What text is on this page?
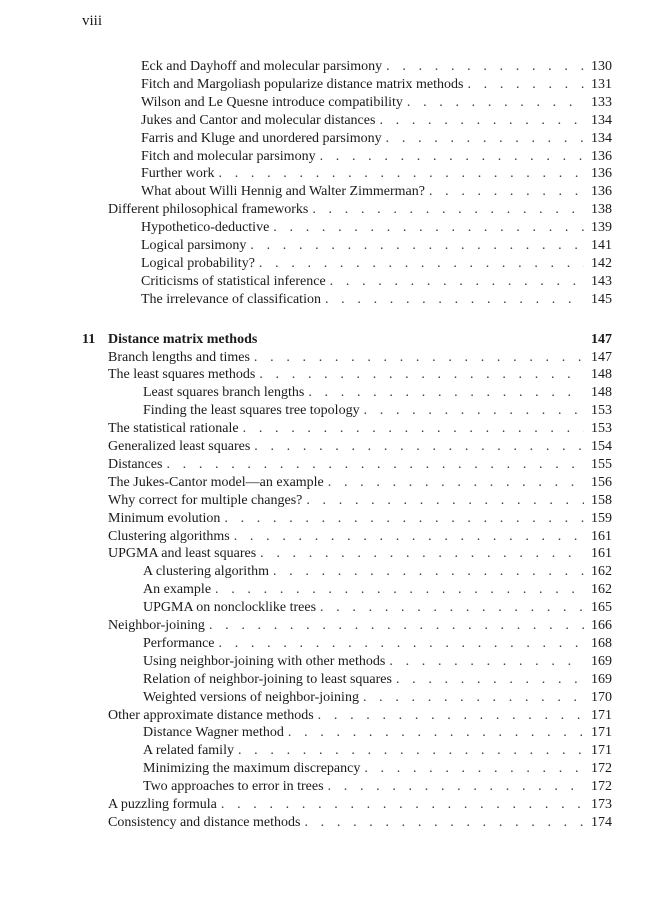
viii
Eck and Dayhoff and molecular parsimony . . .	130
Fitch and Margoliash popularize distance matrix methods . . .	131
Wilson and Le Quesne introduce compatibility . . .	133
Jukes and Cantor and molecular distances . . .	134
Farris and Kluge and unordered parsimony . . .	134
Fitch and molecular parsimony . . .	136
Further work . . .	136
What about Willi Hennig and Walter Zimmerman? . . .	136
Different philosophical frameworks . . .	138
Hypothetico-deductive . . .	139
Logical parsimony . . .	141
Logical probability? . . .	142
Criticisms of statistical inference . . .	143
The irrelevance of classification . . .	145
11 Distance matrix methods	147
Branch lengths and times . . .	147
The least squares methods . . .	148
Least squares branch lengths . . .	148
Finding the least squares tree topology . . .	153
The statistical rationale . . .	153
Generalized least squares . . .	154
Distances . . .	155
The Jukes-Cantor model—an example . . .	156
Why correct for multiple changes? . . .	158
Minimum evolution . . .	159
Clustering algorithms . . .	161
UPGMA and least squares . . .	161
A clustering algorithm . . .	162
An example . . .	162
UPGMA on nonclocklike trees . . .	165
Neighbor-joining . . .	166
Performance . . .	168
Using neighbor-joining with other methods . . .	169
Relation of neighbor-joining to least squares . . .	169
Weighted versions of neighbor-joining . . .	170
Other approximate distance methods . . .	171
Distance Wagner method . . .	171
A related family . . .	171
Minimizing the maximum discrepancy . . .	172
Two approaches to error in trees . . .	172
A puzzling formula . . .	173
Consistency and distance methods . . .	174
